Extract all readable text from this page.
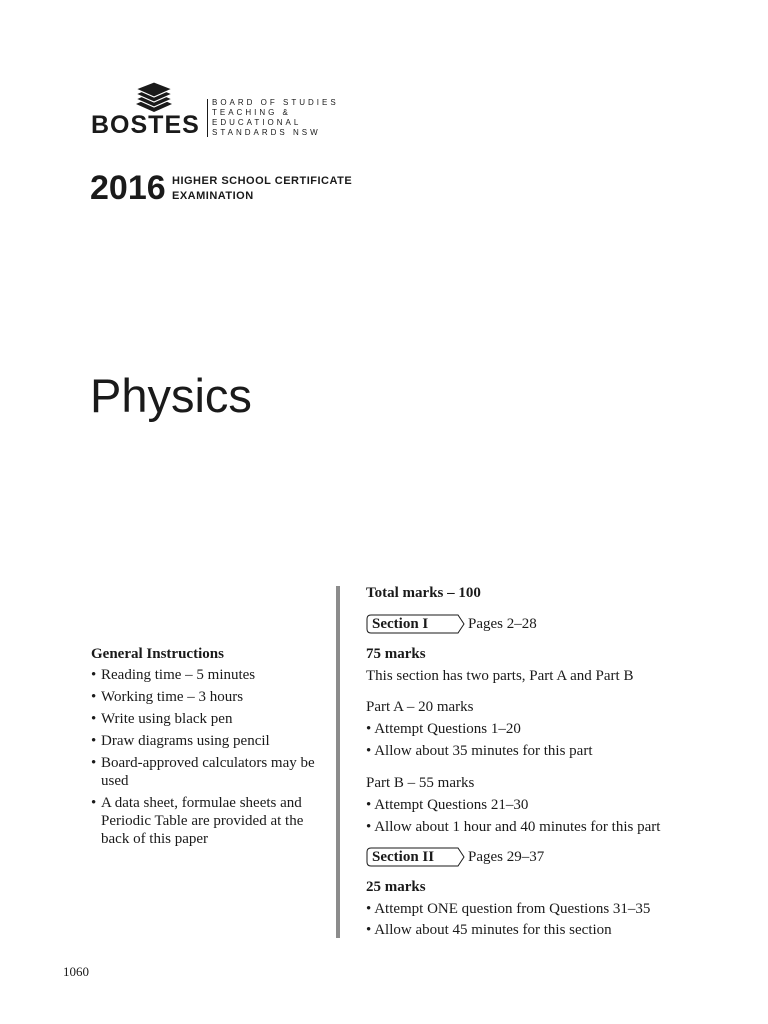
BOSTES
BOARD OF STUDIES
TEACHING &
EDUCATIONAL
STANDARDS NSW
2016 HIGHER SCHOOL CERTIFICATE
EXAMINATION
Physics
General Instructions
• Reading time – 5 minutes
• Working time – 3 hours
• Write using black pen
• Draw diagrams using pencil
• Board-approved calculators may be used
• A data sheet, formulae sheets and Periodic Table are provided at the back of this paper
Total marks – 100
Section I	Pages 2–28
75 marks
This section has two parts, Part A and Part B
Part A – 20 marks
• Attempt Questions 1–20
• Allow about 35 minutes for this part
Part B – 55 marks
• Attempt Questions 21–30
• Allow about 1 hour and 40 minutes for this part
Section II Pages 29–37
25 marks
• Attempt ONE question from Questions 31–35
• Allow about 45 minutes for this section
1060
